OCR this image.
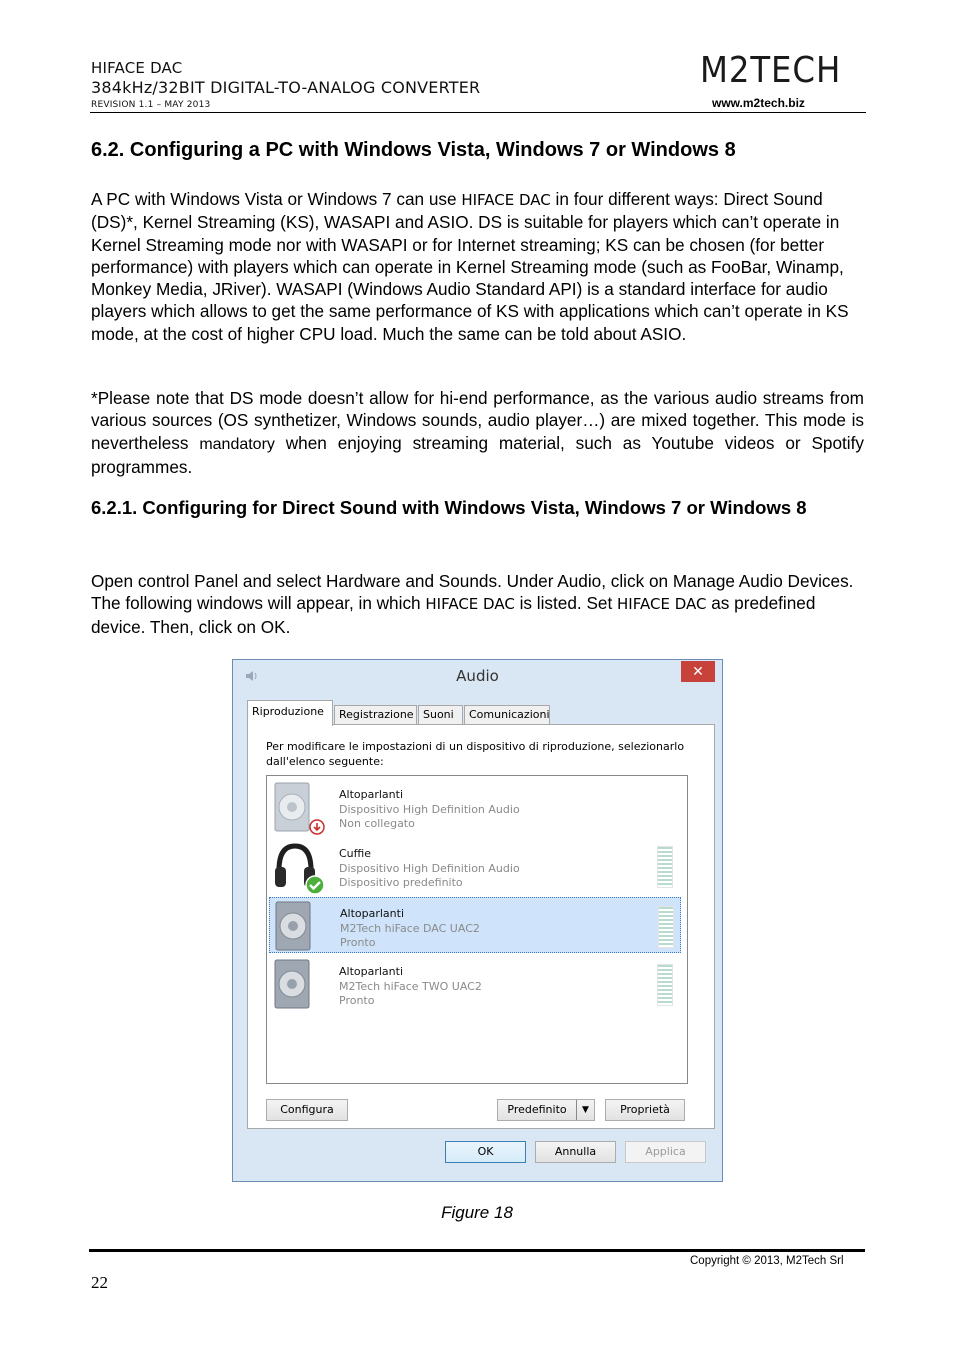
HIFACE DAC
384kHz/32BIT DIGITAL-TO-ANALOG CONVERTER
REVISION 1.1 – MAY 2013
M2TECH
www.m2tech.biz
6.2. Configuring a PC with Windows Vista, Windows 7 or Windows 8

A PC with Windows Vista or Windows 7 can use HIFACE DAC in four different ways: Direct Sound (DS)*, Kernel Streaming (KS), WASAPI and ASIO. DS is suitable for players which can’t operate in Kernel Streaming mode nor with WASAPI or for Internet streaming; KS can be chosen (for better performance) with players which can operate in Kernel Streaming mode (such as FooBar, Winamp, Monkey Media, JRiver). WASAPI (Windows Audio Standard API) is a standard interface for audio players which allows to get the same performance of KS with applications which can’t operate in KS mode, at the cost of higher CPU load. Much the same can be told about ASIO.

*Please note that DS mode doesn’t allow for hi-end performance, as the various audio streams from various sources (OS synthetizer, Windows sounds, audio player…) are mixed together. This mode is nevertheless mandatory when enjoying streaming material, such as Youtube videos or Spotify programmes.

6.2.1. Configuring for Direct Sound with Windows Vista, Windows 7 or Windows 8

Open control Panel and select Hardware and Sounds. Under Audio, click on Manage Audio Devices. The following windows will appear, in which HIFACE DAC is listed. Set HIFACE DAC as predefined device. Then, click on OK.

Audio	✕
Riproduzione	Registrazione Suoni	Comunicazioni
Per modificare le impostazioni di un dispositivo di riproduzione, selezionarlo dall'elenco seguente:
Altoparlanti
Dispositivo High Definition Audio
Non collegato
Cuffie
Dispositivo High Definition Audio
Dispositivo predefinito
Altoparlanti
M2Tech hiFace DAC UAC2
Pronto
Altoparlanti
M2Tech hiFace TWO UAC2
Pronto
Configura	Predefinito	▼	Proprietà
OK	Annulla	Applica
Figure 18
Copyright © 2013, M2Tech Srl
22
